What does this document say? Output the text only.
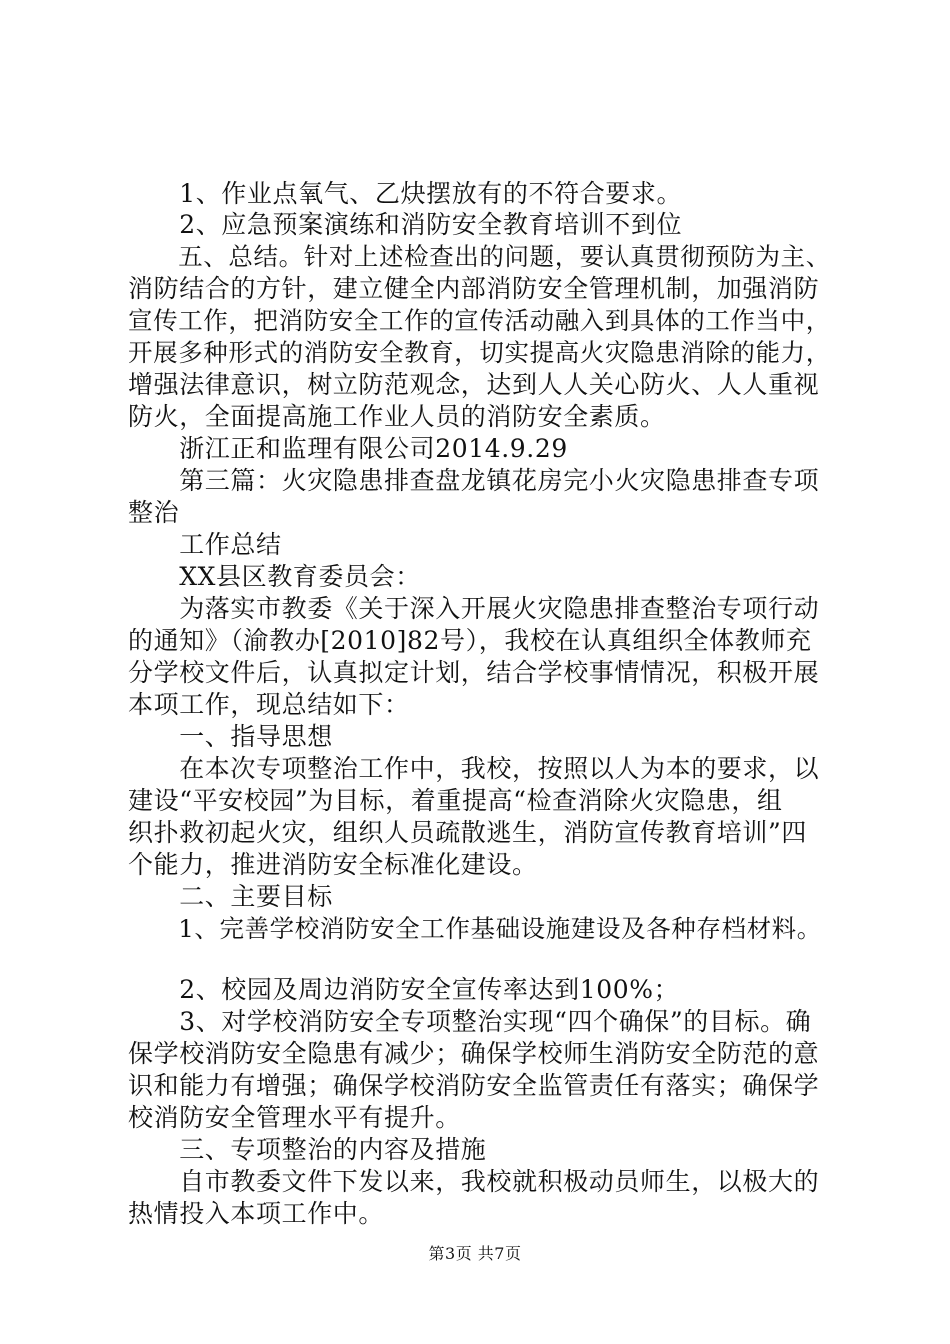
　　1、作业点氧气、乙炔摆放有的不符合要求。
　　2、应急预案演练和消防安全教育培训不到位
　　五、总结。针对上述检查出的问题，要认真贯彻预防为主、
消防结合的方针，建立健全内部消防安全管理机制，加强消防
宣传工作，把消防安全工作的宣传活动融入到具体的工作当中，
开展多种形式的消防安全教育，切实提高火灾隐患消除的能力，
增强法律意识，树立防范观念，达到人人关心防火、人人重视
防火，全面提高施工作业人员的消防安全素质。
　　浙江正和监理有限公司2014.9.29
　　第三篇：火灾隐患排查盘龙镇花房完小火灾隐患排查专项
整治
　　工作总结
　　XX县区教育委员会：
　　为落实市教委《关于深入开展火灾隐患排查整治专项行动
的通知》（渝教办[2010]82号），我校在认真组织全体教师充
分学校文件后，认真拟定计划，结合学校事情情况，积极开展
本项工作，现总结如下：
　　一、指导思想
　　在本次专项整治工作中，我校，按照以人为本的要求，以
建设“平安校园”为目标，着重提高“检查消除火灾隐患，组
织扑救初起火灾，组织人员疏散逃生，消防宣传教育培训”四
个能力，推进消防安全标准化建设。
　　二、主要目标
　　1、完善学校消防安全工作基础设施建设及各种存档材料。
　　2、校园及周边消防安全宣传率达到100%；
　　3、对学校消防安全专项整治实现“四个确保”的目标。确
保学校消防安全隐患有减少；确保学校师生消防安全防范的意
识和能力有增强；确保学校消防安全监管责任有落实；确保学
校消防安全管理水平有提升。
　　三、专项整治的内容及措施
　　自市教委文件下发以来，我校就积极动员师生，以极大的
热情投入本项工作中。
第3页 共7页
